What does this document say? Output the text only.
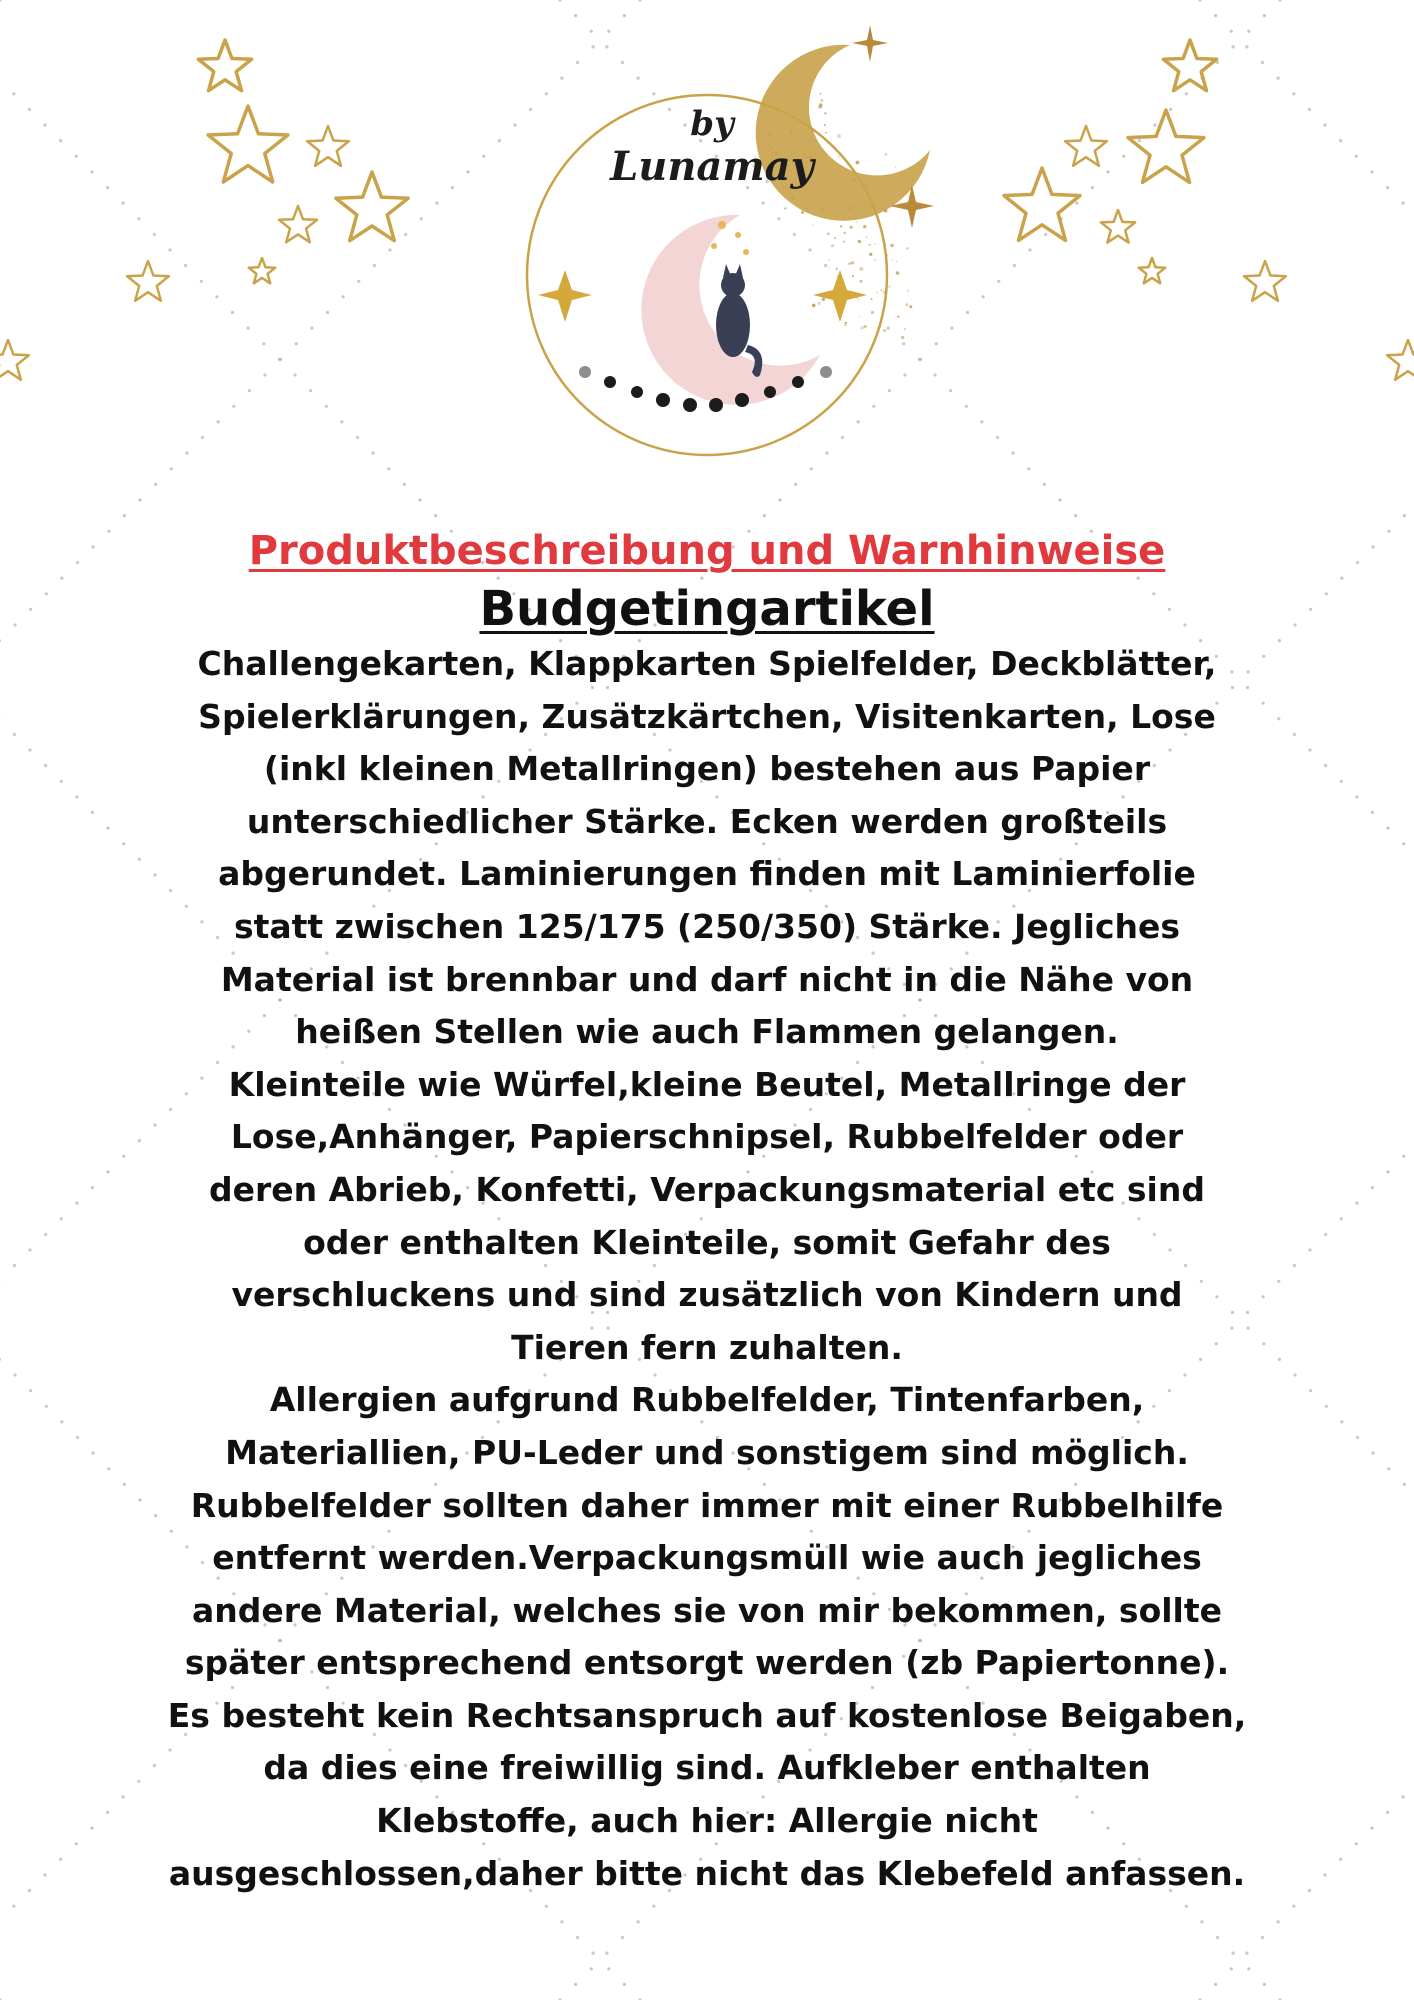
by
Lunamay
Produktbeschreibung und Warnhinweise
Budgetingartikel

Challengekarten, Klappkarten Spielfelder, Deckblätter,
Spielerklärungen, Zusätzkärtchen, Visitenkarten, Lose
(inkl kleinen Metallringen) bestehen aus Papier
unterschiedlicher Stärke. Ecken werden großteils
abgerundet. Laminierungen finden mit Laminierfolie
statt zwischen 125/175 (250/350) Stärke. Jegliches
Material ist brennbar und darf nicht in die Nähe von
heißen Stellen wie auch Flammen gelangen.
Kleinteile wie Würfel,kleine Beutel, Metallringe der
Lose,Anhänger, Papierschnipsel, Rubbelfelder oder
deren Abrieb, Konfetti, Verpackungsmaterial etc sind
oder enthalten Kleinteile, somit Gefahr des
verschluckens und sind zusätzlich von Kindern und
Tieren fern zuhalten.
Allergien aufgrund Rubbelfelder, Tintenfarben,
Materiallien, PU-Leder und sonstigem sind möglich.
Rubbelfelder sollten daher immer mit einer Rubbelhilfe
entfernt werden.Verpackungsmüll wie auch jegliches
andere Material, welches sie von mir bekommen, sollte
später entsprechend entsorgt werden (zb Papiertonne).
Es besteht kein Rechtsanspruch auf kostenlose Beigaben,
da dies eine freiwillig sind. Aufkleber enthalten
Klebstoffe, auch hier: Allergie nicht
ausgeschlossen,daher bitte nicht das Klebefeld anfassen.
